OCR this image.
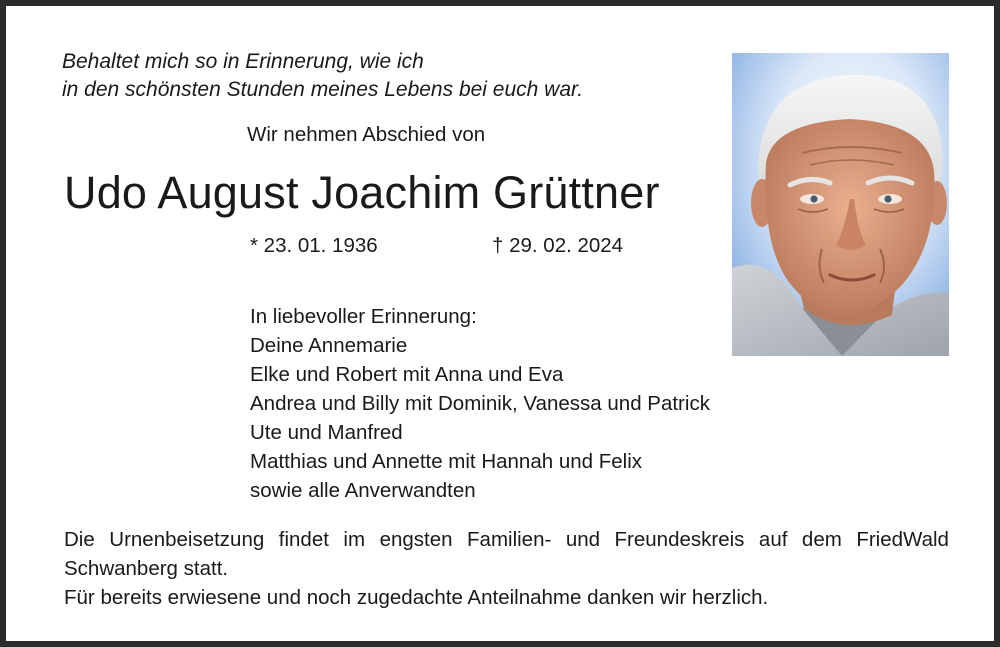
Behaltet mich so in Erinnerung, wie ich
in den schönsten Stunden meines Lebens bei euch war.

Wir nehmen Abschied von

Udo August Joachim Grüttner
* 23. 01. 1936	† 29. 02. 2024
In liebevoller Erinnerung:
Deine Annemarie
Elke und Robert mit Anna und Eva
Andrea und Billy mit Dominik, Vanessa und Patrick
Ute und Manfred
Matthias und Annette mit Hannah und Felix
sowie alle Anverwandten
Die Urnenbeisetzung findet im engsten Familien- und Freundeskreis auf dem FriedWald
Schwanberg statt.
Für bereits erwiesene und noch zugedachte Anteilnahme danken wir herzlich.
